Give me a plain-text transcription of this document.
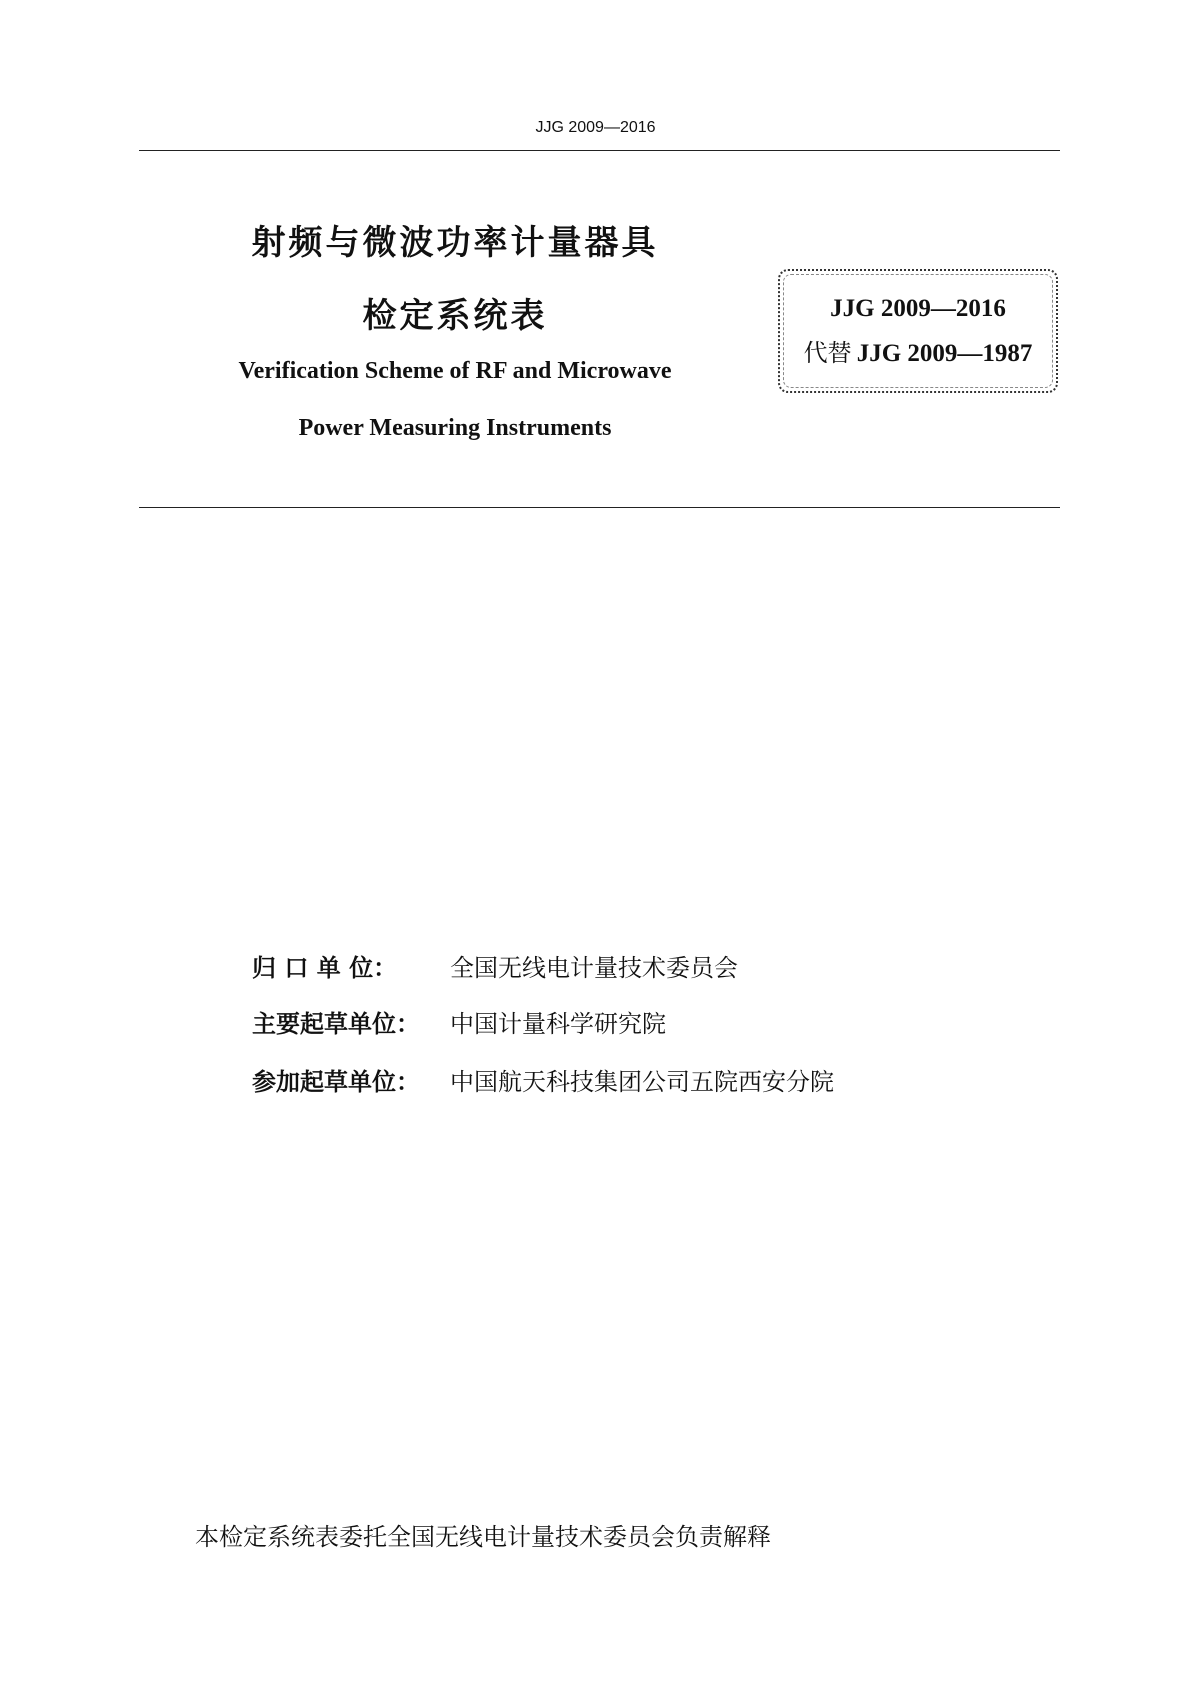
JJG 2009—2016
射频与微波功率计量器具
检定系统表
Verification Scheme of RF and Microwave
Power Measuring Instruments
JJG 2009—2016
代替 JJG 2009—1987
归 口 单 位： 全国无线电计量技术委员会
主要起草单位： 中国计量科学研究院
参加起草单位： 中国航天科技集团公司五院西安分院
本检定系统表委托全国无线电计量技术委员会负责解释
